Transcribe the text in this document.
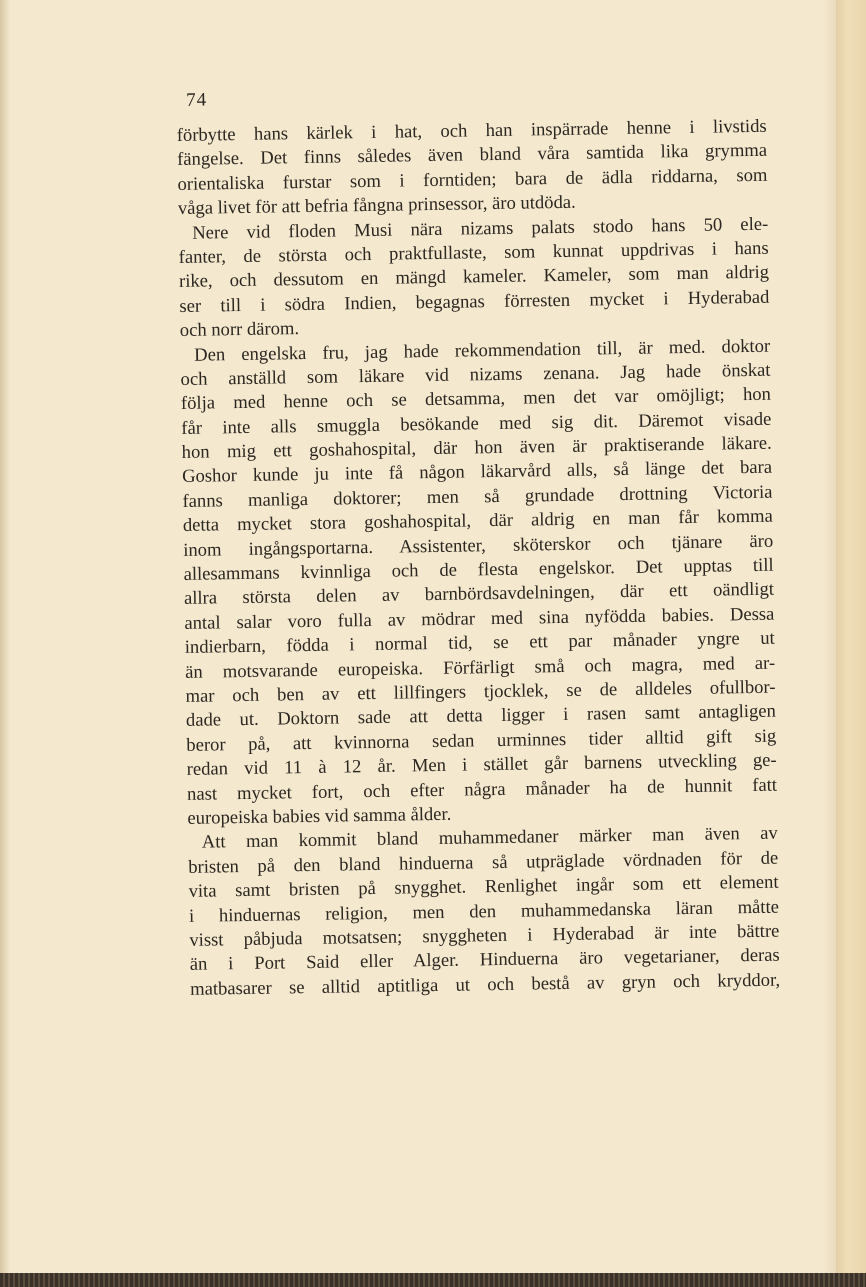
74
förbytte hans kärlek i hat, och han inspärrade henne i livstids
fängelse. Det finns således även bland våra samtida lika grymma
orientaliska furstar som i forntiden; bara de ädla riddarna, som
våga livet för att befria fångna prinsessor, äro utdöda.
Nere vid floden Musi nära nizams palats stodo hans 50 ele-
fanter, de största och praktfullaste, som kunnat uppdrivas i hans
rike, och dessutom en mängd kameler. Kameler, som man aldrig
ser till i södra Indien, begagnas förresten mycket i Hyderabad
och norr därom.
Den engelska fru, jag hade rekommendation till, är med. doktor
och anställd som läkare vid nizams zenana. Jag hade önskat
följa med henne och se detsamma, men det var omöjligt; hon
får inte alls smuggla besökande med sig dit. Däremot visade
hon mig ett goshahospital, där hon även är praktiserande läkare.
Goshor kunde ju inte få någon läkarvård alls, så länge det bara
fanns manliga doktorer; men så grundade drottning Victoria
detta mycket stora goshahospital, där aldrig en man får komma
inom ingångsportarna. Assistenter, sköterskor och tjänare äro
allesammans kvinnliga och de flesta engelskor. Det upptas till
allra största delen av barnbördsavdelningen, där ett oändligt
antal salar voro fulla av mödrar med sina nyfödda babies. Dessa
indierbarn, födda i normal tid, se ett par månader yngre ut
än motsvarande europeiska. Förfärligt små och magra, med ar-
mar och ben av ett lillfingers tjocklek, se de alldeles ofullbor-
dade ut. Doktorn sade att detta ligger i rasen samt antagligen
beror på, att kvinnorna sedan urminnes tider alltid gift sig
redan vid 11 à 12 år. Men i stället går barnens utveckling ge-
nast mycket fort, och efter några månader ha de hunnit fatt
europeiska babies vid samma ålder.
Att man kommit bland muhammedaner märker man även av
bristen på den bland hinduerna så utpräglade vördnaden för de
vita samt bristen på snygghet. Renlighet ingår som ett element
i hinduernas religion, men den muhammedanska läran måtte
visst påbjuda motsatsen; snyggheten i Hyderabad är inte bättre
än i Port Said eller Alger. Hinduerna äro vegetarianer, deras
matbasarer se alltid aptitliga ut och bestå av gryn och kryddor,
